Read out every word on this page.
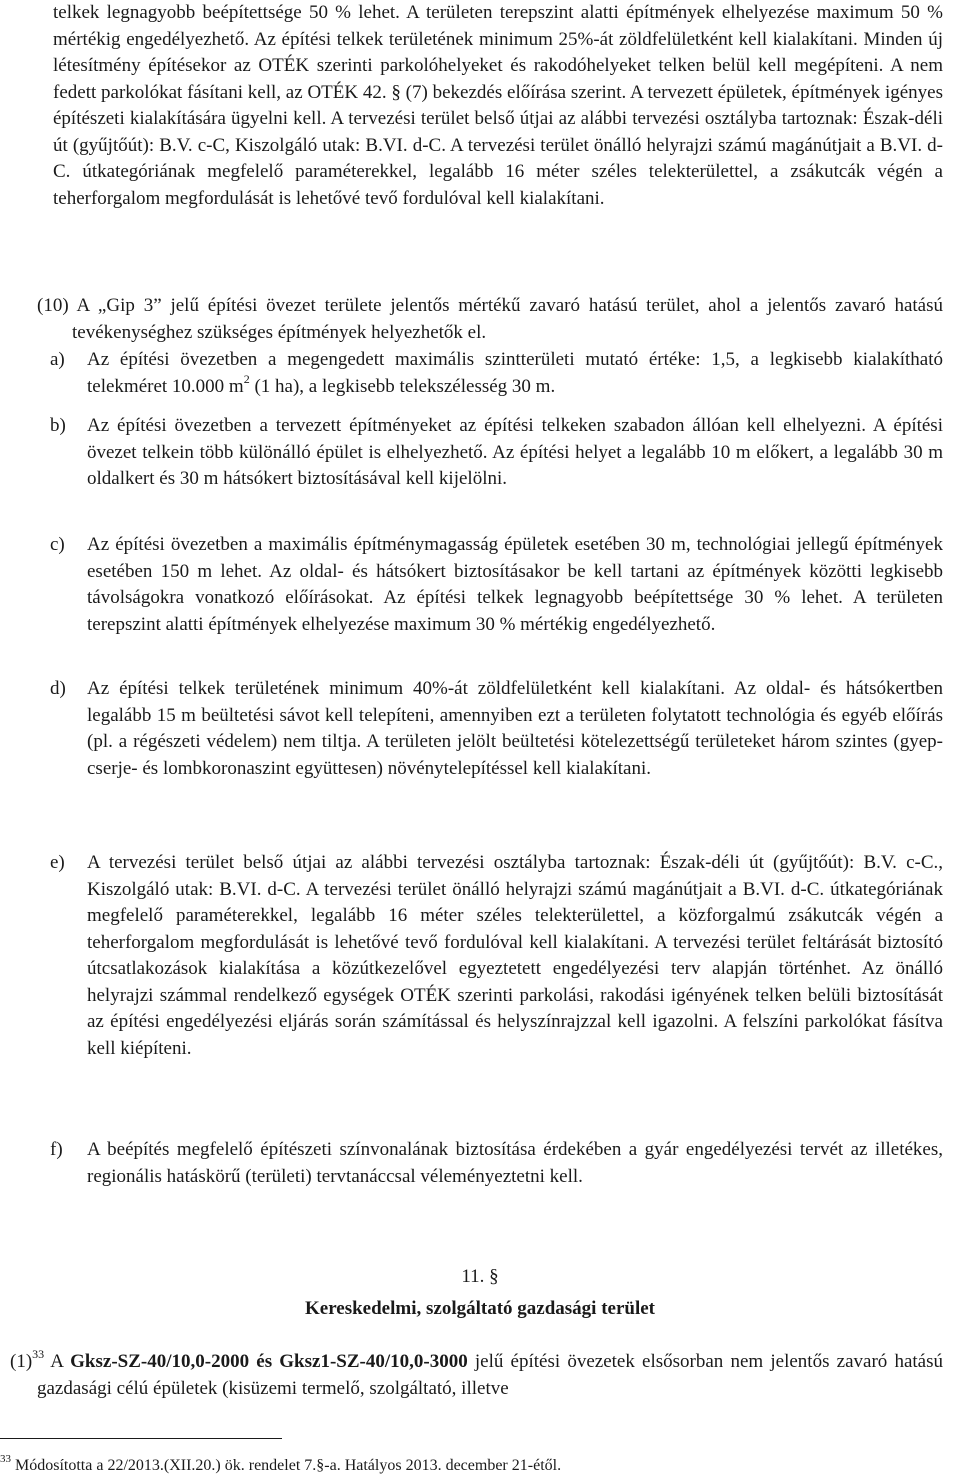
telkek legnagyobb beépítettsége 50 % lehet. A területen terepszint alatti építmények elhelyezése maximum 50 % mértékig engedélyezhető. Az építési telkek területének minimum 25%-át zöldfelületként kell kialakítani. Minden új létesítmény építésekor az OTÉK szerinti parkolóhelyeket és rakodóhelyeket telken belül kell megépíteni. A nem fedett parkolókat fásítani kell, az OTÉK 42. § (7) bekezdés előírása szerint. A tervezett épületek, építmények igényes építészeti kialakítására ügyelni kell. A tervezési terület belső útjai az alábbi tervezési osztályba tartoznak: Észak-déli út (gyűjtőút): B.V. c-C, Kiszolgáló utak: B.VI. d-C. A tervezési terület önálló helyrajzi számú magánútjait a B.VI. d-C. útkategóriának megfelelő paraméterekkel, legalább 16 méter széles telekterülettel, a zsákutcák végén a teherforgalom megfordulását is lehetővé tevő fordulóval kell kialakítani.

(10) A „Gip 3” jelű építési övezet területe jelentős mértékű zavaró hatású terület, ahol a jelentős zavaró hatású tevékenységhez szükséges építmények helyezhetők el.
a) Az építési övezetben a megengedett maximális szintterületi mutató értéke: 1,5, a legkisebb kialakítható telekméret 10.000 $m^2$ (1 ha), a legkisebb telekszélesség 30 m.
b) Az építési övezetben a tervezett építményeket az építési telkeken szabadon állóan kell elhelyezni. A építési övezet telkein több különálló épület is elhelyezhető. Az építési helyet a legalább 10 m előkert, a legalább 30 m oldalkert és 30 m hátsókert biztosításával kell kijelölni.
c) Az építési övezetben a maximális építménymagasság épületek esetében 30 m, technológiai jellegű építmények esetében 150 m lehet. Az oldal- és hátsókert biztosításakor be kell tartani az építmények közötti legkisebb távolságokra vonatkozó előírásokat. Az építési telkek legnagyobb beépítettsége 30 % lehet. A területen terepszint alatti építmények elhelyezése maximum 30 % mértékig engedélyezhető.
d) Az építési telkek területének minimum 40%-át zöldfelületként kell kialakítani. Az oldal- és hátsókertben legalább 15 m beültetési sávot kell telepíteni, amennyiben ezt a területen folytatott technológia és egyéb előírás (pl. a régészeti védelem) nem tiltja. A területen jelölt beültetési kötelezettségű területeket három szintes (gyep- cserje- és lombkoronaszint együttesen) növénytelepítéssel kell kialakítani.
e) A tervezési terület belső útjai az alábbi tervezési osztályba tartoznak: Észak-déli út (gyűjtőút): B.V. c-C., Kiszolgáló utak: B.VI. d-C. A tervezési terület önálló helyrajzi számú magánútjait a B.VI. d-C. útkategóriának megfelelő paraméterekkel, legalább 16 méter széles telekterülettel, a közforgalmú zsákutcák végén a teherforgalom megfordulását is lehetővé tevő fordulóval kell kialakítani. A tervezési terület feltárását biztosító útcsatlakozások kialakítása a közútkezelővel egyeztetett engedélyezési terv alapján történhet. Az önálló helyrajzi számmal rendelkező egységek OTÉK szerinti parkolási, rakodási igényének telken belüli biztosítását az építési engedélyezési eljárás során számítással és helyszínrajzzal kell igazolni. A felszíni parkolókat fásítva kell kiépíteni.
f) A beépítés megfelelő építészeti színvonalának biztosítása érdekében a gyár engedélyezési tervét az illetékes, regionális hatáskörű (területi) tervtanáccsal véleményeztetni kell.
11. §
Kereskedelmi, szolgáltató gazdasági terület
$(1)^{33}$ A Gksz-SZ-40/10,0-2000 és Gksz1-SZ-40/10,0-3000 jelű építési övezetek elsősorban nem jelentős zavaró hatású gazdasági célú épületek (kisüzemi termelő, szolgáltató, illetve
$^{33}$ Módosította a 22/2013.(XII.20.) ök. rendelet 7.§-a. Hatályos 2013. december 21-étől.
